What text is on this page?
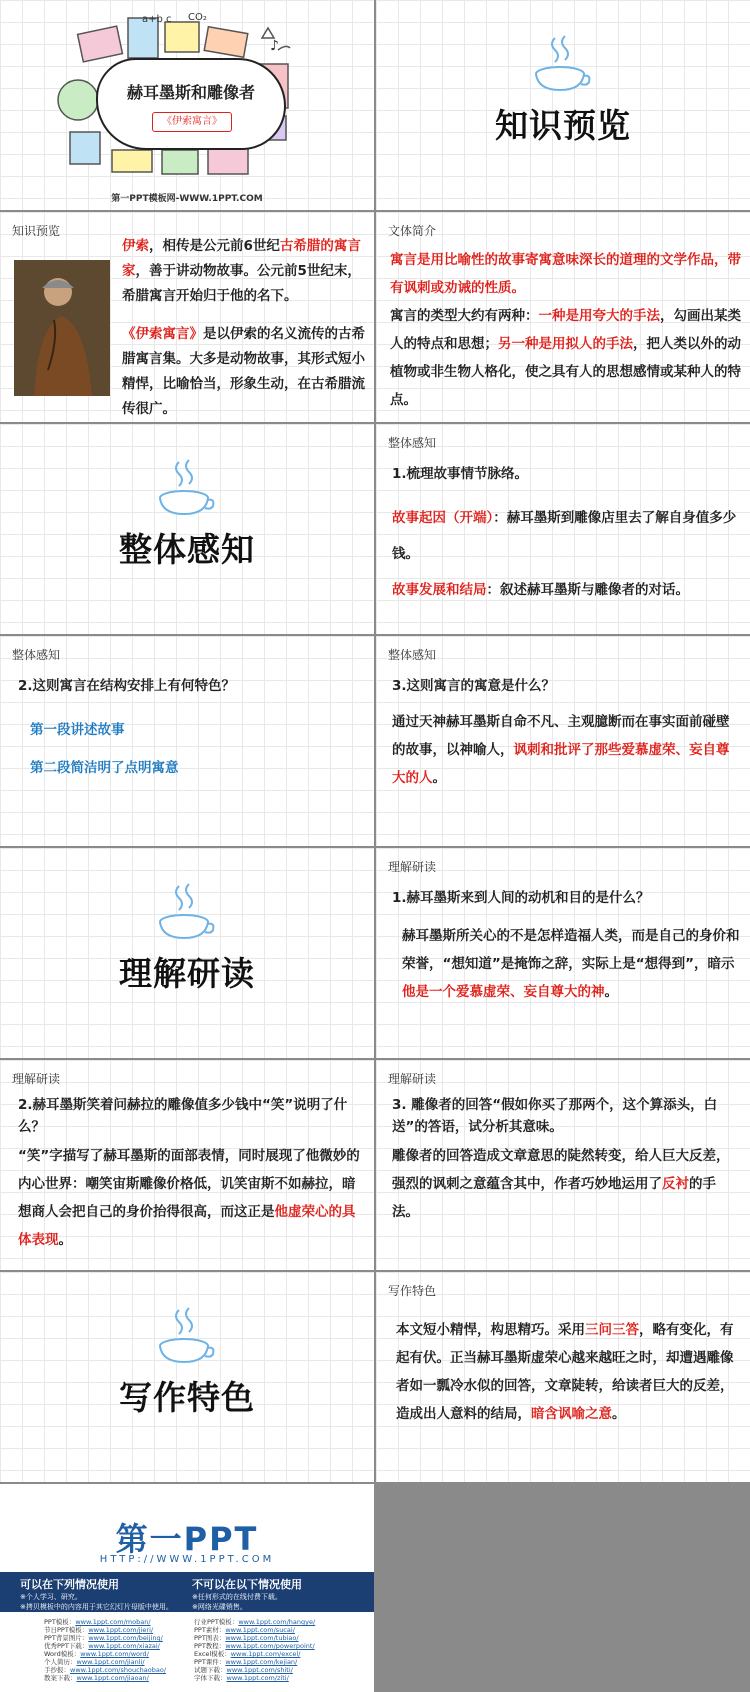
a+b c CO₂
♪
赫耳墨斯和雕像者
《伊索寓言》
第一PPT模板网-WWW.1PPT.COM
知识预览
知识预览
伊索，相传是公元前6世纪古希腊的寓言家，善于讲动物故事。公元前5世纪末，希腊寓言开始归于他的名下。
《伊索寓言》是以伊索的名义流传的古希腊寓言集。大多是动物故事，其形式短小精悍，比喻恰当，形象生动，在古希腊流传很广。
文体简介
寓言是用比喻性的故事寄寓意味深长的道理的文学作品，带有讽刺或劝诫的性质。
寓言的类型大约有两种：一种是用夸大的手法，勾画出某类人的特点和思想；另一种是用拟人的手法，把人类以外的动植物或非生物人格化，使之具有人的思想感情或某种人的特点。
整体感知
整体感知
1.梳理故事情节脉络。
故事起因（开端）：赫耳墨斯到雕像店里去了解自身值多少钱。
故事发展和结局：叙述赫耳墨斯与雕像者的对话。
整体感知
2.这则寓言在结构安排上有何特色？
第一段讲述故事
第二段简洁明了点明寓意
整体感知
3.这则寓言的寓意是什么？
通过天神赫耳墨斯自命不凡、主观臆断而在事实面前碰壁的故事，以神喻人，讽刺和批评了那些爱慕虚荣、妄自尊大的人。
理解研读
理解研读
1.赫耳墨斯来到人间的动机和目的是什么？
赫耳墨斯所关心的不是怎样造福人类，而是自己的身价和荣誉，“想知道”是掩饰之辞，实际上是“想得到”，暗示他是一个爱慕虚荣、妄自尊大的神。
理解研读
2.赫耳墨斯笑着问赫拉的雕像值多少钱中“笑”说明了什么？
“笑”字描写了赫耳墨斯的面部表情，同时展现了他微妙的内心世界：嘲笑宙斯雕像价格低，讥笑宙斯不如赫拉，暗想商人会把自己的身价抬得很高，而这正是他虚荣心的具体表现。
理解研读
3. 雕像者的回答“假如你买了那两个，这个算添头，白送”的答语，试分析其意味。
雕像者的回答造成文章意思的陡然转变，给人巨大反差，强烈的讽刺之意蕴含其中，作者巧妙地运用了反衬的手法。
写作特色
写作特色
本文短小精悍，构思精巧。采用三问三答，略有变化，有起有伏。正当赫耳墨斯虚荣心越来越旺之时，却遭遇雕像者如一瓢冷水似的回答，文章陡转，给读者巨大的反差，造成出人意料的结局，暗含讽喻之意。
第一PPT
HTTP://WWW.1PPT.COM
可以在下列情况使用	不可以在以下情况使用
※个人学习、研究。
※拷贝模板中的内容用于其它幻灯片母版中使用。
※任何形式的在线付费下载。
※网络光碟销售。
PPT模板：www.1ppt.com/moban/
节日PPT模板：www.1ppt.com/jieri/
PPT背景图片：www.1ppt.com/beijing/
优秀PPT下载：www.1ppt.com/xiazai/
Word模板：www.1ppt.com/word/
个人简历：www.1ppt.com/jianli/
手抄报：www.1ppt.com/shouchaobao/
教案下载：www.1ppt.com/jiaoan/
行业PPT模板：www.1ppt.com/hangye/
PPT素材：www.1ppt.com/sucai/
PPT图表：www.1ppt.com/tubiao/
PPT教程：www.1ppt.com/powerpoint/
Excel模板：www.1ppt.com/excel/
PPT课件：www.1ppt.com/kejian/
试题下载：www.1ppt.com/shiti/
字体下载：www.1ppt.com/ziti/
